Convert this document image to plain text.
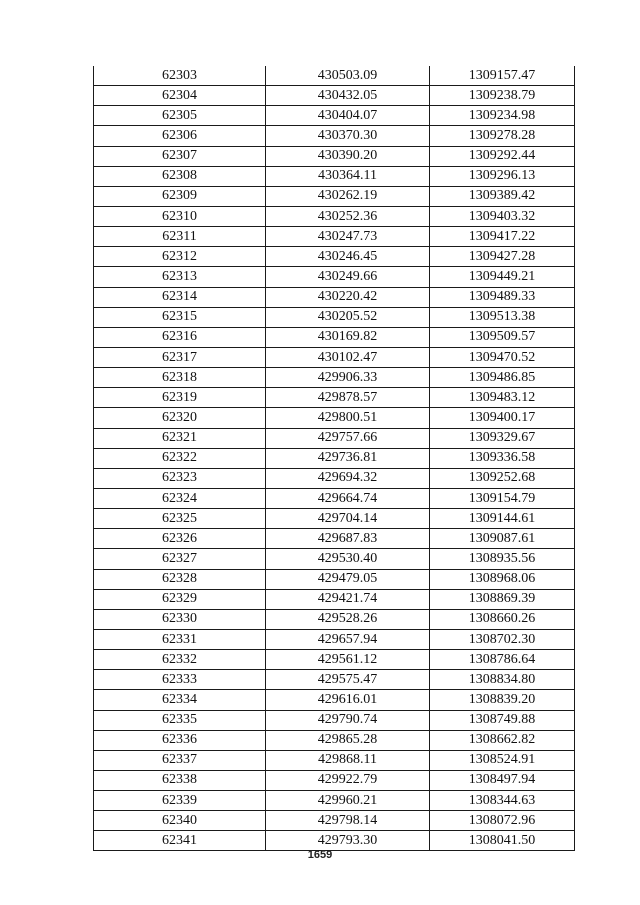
62303	430503.09	1309157.47
62304	430432.05	1309238.79
62305	430404.07	1309234.98
62306	430370.30	1309278.28
62307	430390.20	1309292.44
62308	430364.11	1309296.13
62309	430262.19	1309389.42
62310	430252.36	1309403.32
62311	430247.73	1309417.22
62312	430246.45	1309427.28
62313	430249.66	1309449.21
62314	430220.42	1309489.33
62315	430205.52	1309513.38
62316	430169.82	1309509.57
62317	430102.47	1309470.52
62318	429906.33	1309486.85
62319	429878.57	1309483.12
62320	429800.51	1309400.17
62321	429757.66	1309329.67
62322	429736.81	1309336.58
62323	429694.32	1309252.68
62324	429664.74	1309154.79
62325	429704.14	1309144.61
62326	429687.83	1309087.61
62327	429530.40	1308935.56
62328	429479.05	1308968.06
62329	429421.74	1308869.39
62330	429528.26	1308660.26
62331	429657.94	1308702.30
62332	429561.12	1308786.64
62333	429575.47	1308834.80
62334	429616.01	1308839.20
62335	429790.74	1308749.88
62336	429865.28	1308662.82
62337	429868.11	1308524.91
62338	429922.79	1308497.94
62339	429960.21	1308344.63
62340	429798.14	1308072.96
62341	429793.30	1308041.50
1659
